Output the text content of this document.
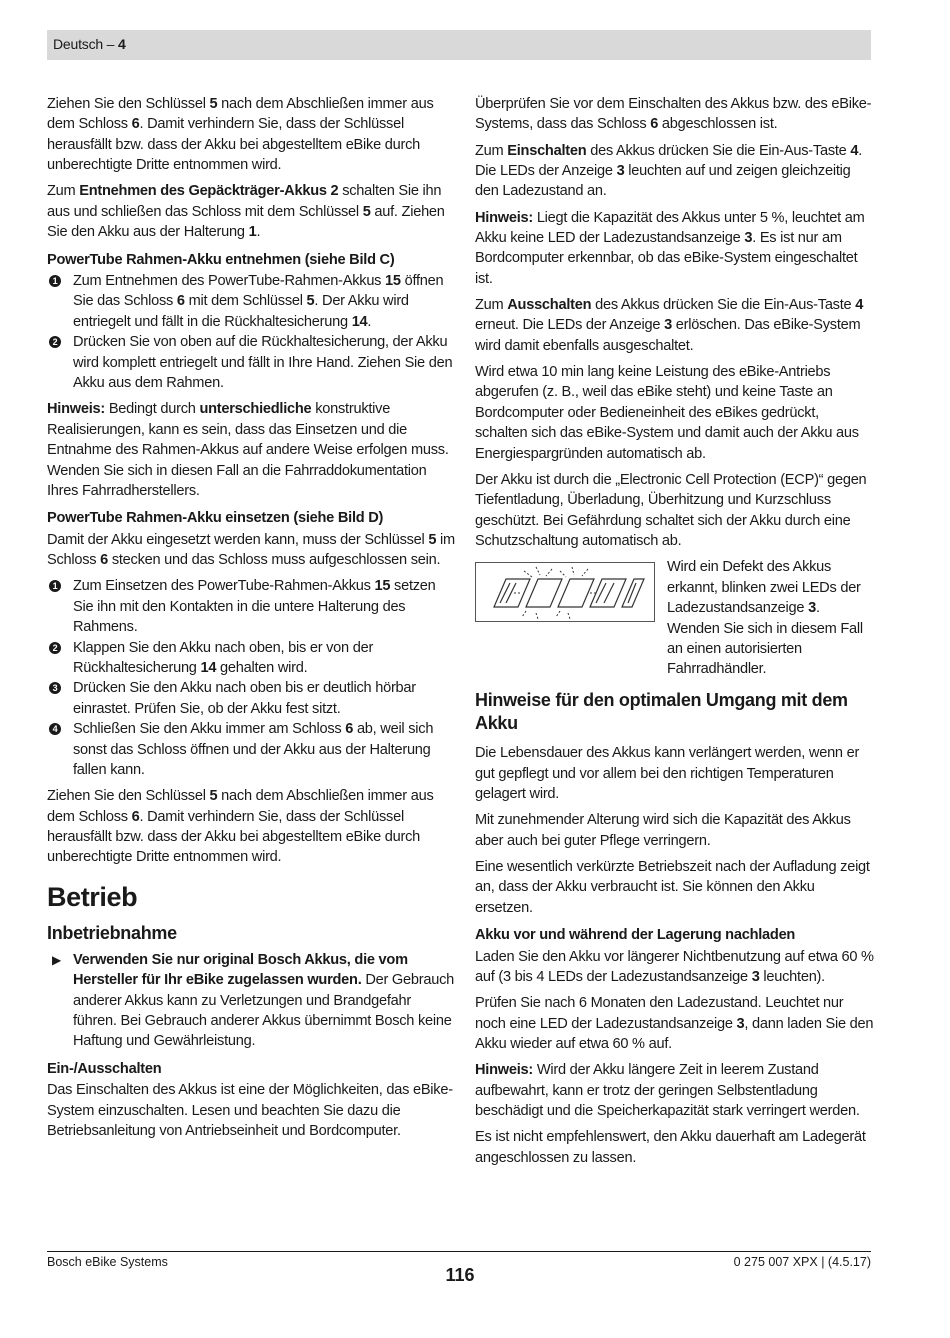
Deutsch – 4

Ziehen Sie den Schlüssel 5 nach dem Abschließen immer aus dem Schloss 6. Damit verhindern Sie, dass der Schlüssel herausfällt bzw. dass der Akku bei abgestelltem eBike durch unberechtigte Dritte entnommen wird.

Zum Entnehmen des Gepäckträger-Akkus 2 schalten Sie ihn aus und schließen das Schloss mit dem Schlüssel 5 auf. Ziehen Sie den Akku aus der Halterung 1.

PowerTube Rahmen-Akku entnehmen (siehe Bild C)
1 Zum Entnehmen des PowerTube-Rahmen-Akkus 15 öffnen Sie das Schloss 6 mit dem Schlüssel 5. Der Akku wird entriegelt und fällt in die Rückhaltesicherung 14.
2 Drücken Sie von oben auf die Rückhaltesicherung, der Akku wird komplett entriegelt und fällt in Ihre Hand. Ziehen Sie den Akku aus dem Rahmen.

Hinweis: Bedingt durch unterschiedliche konstruktive Realisierungen, kann es sein, dass das Einsetzen und die Entnahme des Rahmen-Akkus auf andere Weise erfolgen muss. Wenden Sie sich in diesen Fall an die Fahrraddokumentation Ihres Fahrradherstellers.

PowerTube Rahmen-Akku einsetzen (siehe Bild D)

Damit der Akku eingesetzt werden kann, muss der Schlüssel 5 im Schloss 6 stecken und das Schloss muss aufgeschlossen sein.

1 Zum Einsetzen des PowerTube-Rahmen-Akkus 15 setzen Sie ihn mit den Kontakten in die untere Halterung des Rahmens.
2 Klappen Sie den Akku nach oben, bis er von der Rückhaltesicherung 14 gehalten wird.
3 Drücken Sie den Akku nach oben bis er deutlich hörbar einrastet. Prüfen Sie, ob der Akku fest sitzt.
4 Schließen Sie den Akku immer am Schloss 6 ab, weil sich sonst das Schloss öffnen und der Akku aus der Halterung fallen kann.

Ziehen Sie den Schlüssel 5 nach dem Abschließen immer aus dem Schloss 6. Damit verhindern Sie, dass der Schlüssel herausfällt bzw. dass der Akku bei abgestelltem eBike durch unberechtigte Dritte entnommen wird.

Betrieb
Inbetriebnahme
▶ Verwenden Sie nur original Bosch Akkus, die vom Hersteller für Ihr eBike zugelassen wurden. Der Gebrauch anderer Akkus kann zu Verletzungen und Brandgefahr führen. Bei Gebrauch anderer Akkus übernimmt Bosch keine Haftung und Gewährleistung.
Ein-/Ausschalten

Das Einschalten des Akkus ist eine der Möglichkeiten, das eBike-System einzuschalten. Lesen und beachten Sie dazu die Betriebsanleitung von Antriebseinheit und Bordcomputer.

Überprüfen Sie vor dem Einschalten des Akkus bzw. des eBike-Systems, dass das Schloss 6 abgeschlossen ist.

Zum Einschalten des Akkus drücken Sie die Ein-Aus-Taste 4. Die LEDs der Anzeige 3 leuchten auf und zeigen gleichzeitig den Ladezustand an.

Hinweis: Liegt die Kapazität des Akkus unter 5 %, leuchtet am Akku keine LED der Ladezustandsanzeige 3. Es ist nur am Bordcomputer erkennbar, ob das eBike-System eingeschaltet ist.

Zum Ausschalten des Akkus drücken Sie die Ein-Aus-Taste 4 erneut. Die LEDs der Anzeige 3 erlöschen. Das eBike-System wird damit ebenfalls ausgeschaltet.

Wird etwa 10 min lang keine Leistung des eBike-Antriebs abgerufen (z. B., weil das eBike steht) und keine Taste an Bordcomputer oder Bedieneinheit des eBikes gedrückt, schalten sich das eBike-System und damit auch der Akku aus Energiespargründen automatisch ab.

Der Akku ist durch die „Electronic Cell Protection (ECP)“ gegen Tiefentladung, Überladung, Überhitzung und Kurzschluss geschützt. Bei Gefährdung schaltet sich der Akku durch eine Schutzschaltung automatisch ab.

Wird ein Defekt des Akkus erkannt, blinken zwei LEDs der Ladezustandsanzeige 3. Wenden Sie sich in diesem Fall an einen autorisierten Fahrradhändler.
Hinweise für den optimalen Umgang mit dem Akku

Die Lebensdauer des Akkus kann verlängert werden, wenn er gut gepflegt und vor allem bei den richtigen Temperaturen gelagert wird.

Mit zunehmender Alterung wird sich die Kapazität des Akkus aber auch bei guter Pflege verringern.

Eine wesentlich verkürzte Betriebszeit nach der Aufladung zeigt an, dass der Akku verbraucht ist. Sie können den Akku ersetzen.

Akku vor und während der Lagerung nachladen

Laden Sie den Akku vor längerer Nichtbenutzung auf etwa 60 % auf (3 bis 4 LEDs der Ladezustandsanzeige 3 leuchten).

Prüfen Sie nach 6 Monaten den Ladezustand. Leuchtet nur noch eine LED der Ladezustandsanzeige 3, dann laden Sie den Akku wieder auf etwa 60 % auf.

Hinweis: Wird der Akku längere Zeit in leerem Zustand aufbewahrt, kann er trotz der geringen Selbstentladung beschädigt und die Speicherkapazität stark verringert werden.

Es ist nicht empfehlenswert, den Akku dauerhaft am Ladegerät angeschlossen zu lassen.

Bosch eBike Systems
116
0 275 007 XPX | (4.5.17)
